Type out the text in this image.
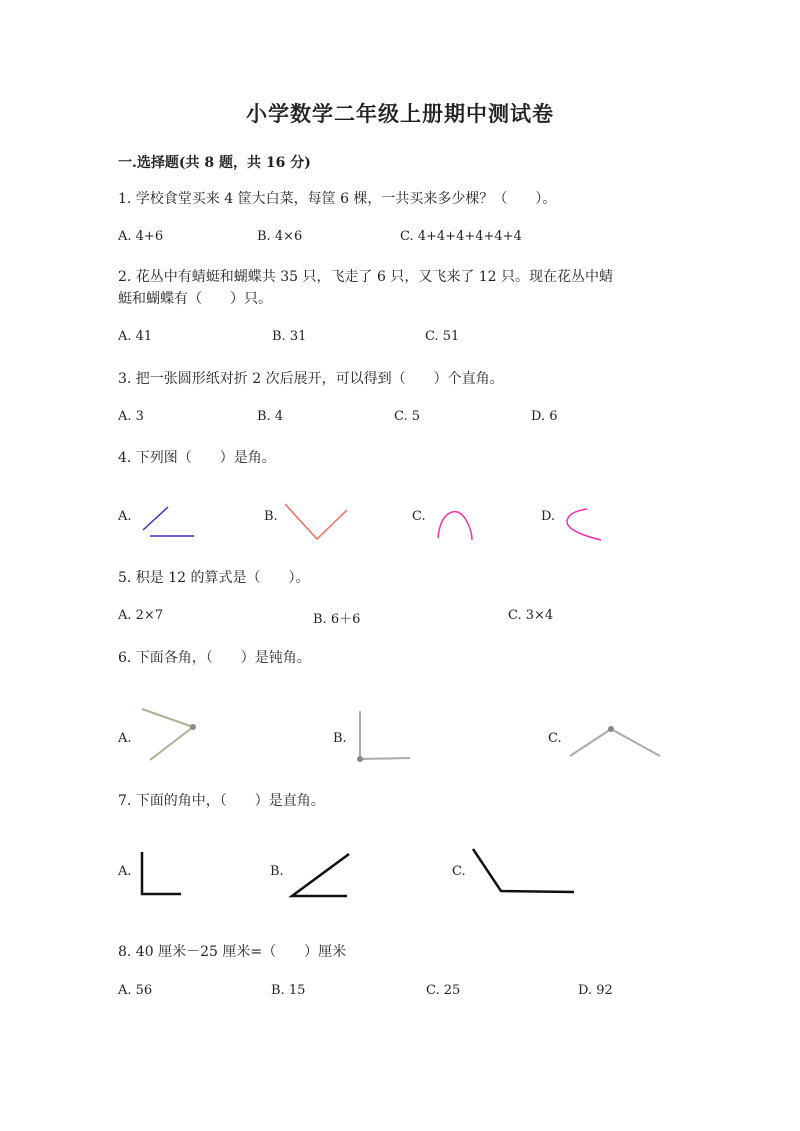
小学数学二年级上册期中测试卷
一.选择题(共 8 题，共 16 分)
1. 学校食堂买来 4 筐大白菜，每筐 6 棵，一共买来多少棵？（　　）。
A. 4+6	B. 4×6	C. 4+4+4+4+4+4
2. 花丛中有蜻蜓和蝴蝶共 35 只，飞走了 6 只，又飞来了 12 只。现在花丛中蜻
蜓和蝴蝶有（　　）只。
A. 41	B. 31	C. 51
3. 把一张圆形纸对折 2 次后展开，可以得到（　　）个直角。
A. 3	B. 4	C. 5	D. 6
4. 下列图（　　）是角。
A.	B.	C.	D.
5. 积是 12 的算式是（　　）。
A. 2×7	B. 6＋6	C. 3×4
6. 下面各角，（　　）是钝角。
A.	B.	C.
7. 下面的角中，（　　）是直角。
A.	B.	C.
8. 40 厘米－25 厘米=（　　）厘米
A. 56	B. 15	C. 25	D. 92
